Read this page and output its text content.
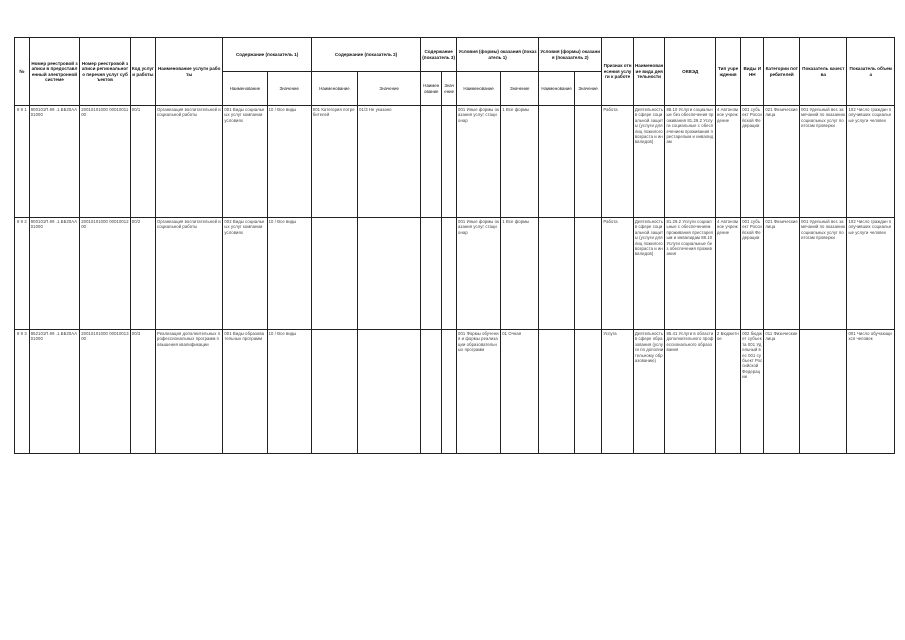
№	Номер реестровой записи в предоставленный электронной системе	Номер реестровой записи регионального перечня услуг субъектов	Код услуги работы	Наименование услуги работы	Содержание (показатель 1)		Содержание (показатель 2)		Содержание (показатель 3)		Условия (формы) оказания (показатель 1)		Условия (формы) оказания (показатель 2)		Признак отнесения услуги к работе	Наименование вида деятельности	ОКВЭД	Тип учреждения	Виды ИНН	Категории потребителей	Показатель качества	Показатель объема
					Наименование	Значение	Наименование	Значение	Наименование	Значение	Наименование	Значение	Наименование	Значение								
8 9 1	900101П.99 .1.ББ20АА01000	20010101000 0001001100	00/1	Организация воспитательной и социальной работы	001 Виды социальных услуг компании условиях	10 / Все виды	001 Категория потребителей	01/3 Не указано			001 Иные формы оказания услуг стационар	1 Все формы			Работа	Деятельность в сфере социальной защиты (услуги для лиц пожилого возраста и инвалидов)	88.10 Услуги социальные без обеспечения проживания 81.29.2 Услуги социальные с обеспечением проживания престарелым и инвалидам	4 Автономное учреждение	001 субъект Российской Федерации	021 Физические лица	001 Удельный вес замечаний по оказанию социальных услуг по итогам проверки	102 Число граждан получивших социальные услуги человек
8 9 2	900101П.99 .1.ББ20АА01000	20010101000 0001001200	00/2	Организация воспитательной и социальной работы	002 Виды социальных услуг компании условиях	10 / Все виды					001 Иные формы оказания услуг стационар	1 Все формы			Работа	Деятельность в сфере социальной защиты (услуги для лиц пожилого возраста и инвалидов)	81.29.2 Услуги социальные с обеспечением проживания престарелым и инвалидам 88.10 Услуги социальные без обеспечения проживания	4 Автономное учреждение	001 субъект Российской Федерации	021 Физические лица	001 Удельный вес замечаний по оказанию социальных услуг по итогам проверки	102 Число граждан получивших социальные услуги человек
8 9 3	852101П.99 .1.ББ20АА01000	20010101000 0001001300	00/3	Реализация дополнительных профессиональных программ повышения квалификации	001 Виды образовательных программ	10 / Все виды					001 Формы обучения и формы реализации образовательных программ	01 Очная			Услуга	Деятельность в сфере образования (услуги по дополнительному образованию)	85.41 Услуги в области дополнительного профессионального образования	2 Бюджетное	002 бюджет субъекта 001 Удельный вес 001 субъект Российской Федерации	011 Физические лица		001 Число обучающихся человек
